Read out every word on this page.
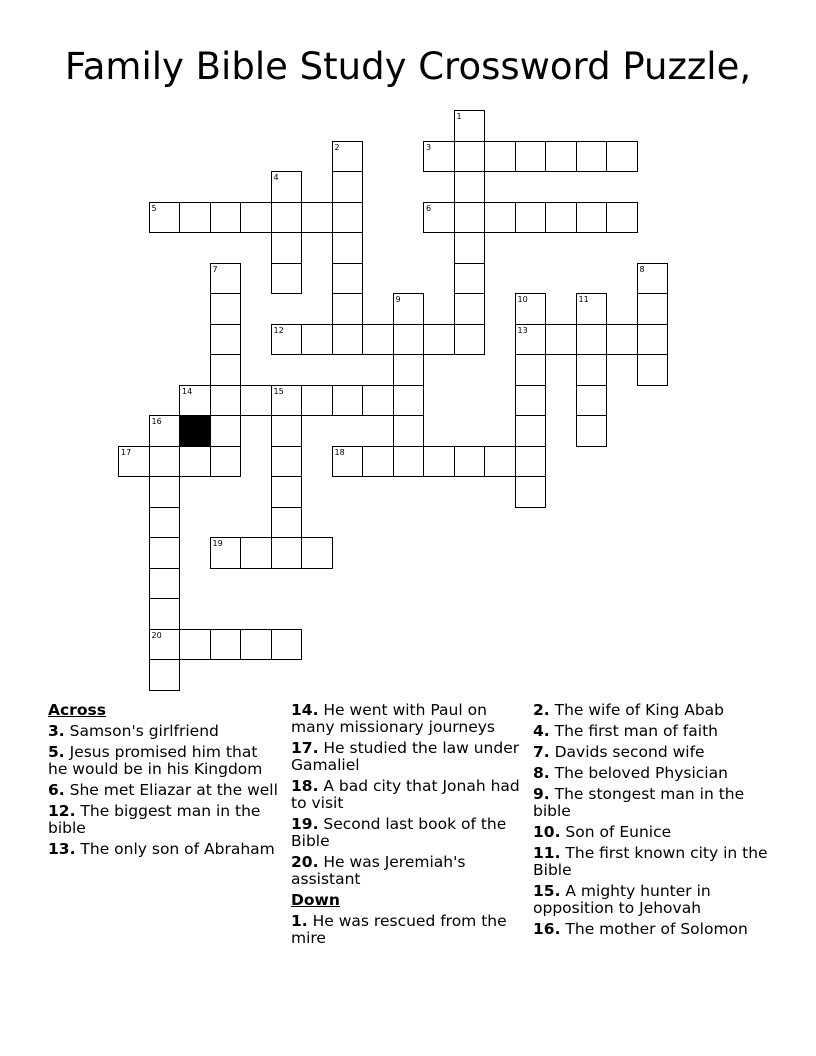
Family Bible Study Crossword Puzzle,
1
2	3
4
5	6
7	8
9	10
13
11
12
14	15
16
20
17	18
19
Across
3. Samson's girlfriend
5. Jesus promised him that he would be in his Kingdom
6. She met Eliazar at the well
12. The biggest man in the bible
13. The only son of Abraham
14. He went with Paul on many missionary journeys
17. He studied the law under Gamaliel
18. A bad city that Jonah had to visit
19. Second last book of the Bible
20. He was Jeremiah's assistant
Down
1. He was rescued from the mire
2. The wife of King Abab
4. The first man of faith
7. Davids second wife
8. The beloved Physician
9. The stongest man in the bible
10. Son of Eunice
11. The first known city in the Bible
15. A mighty hunter in opposition to Jehovah
16. The mother of Solomon
